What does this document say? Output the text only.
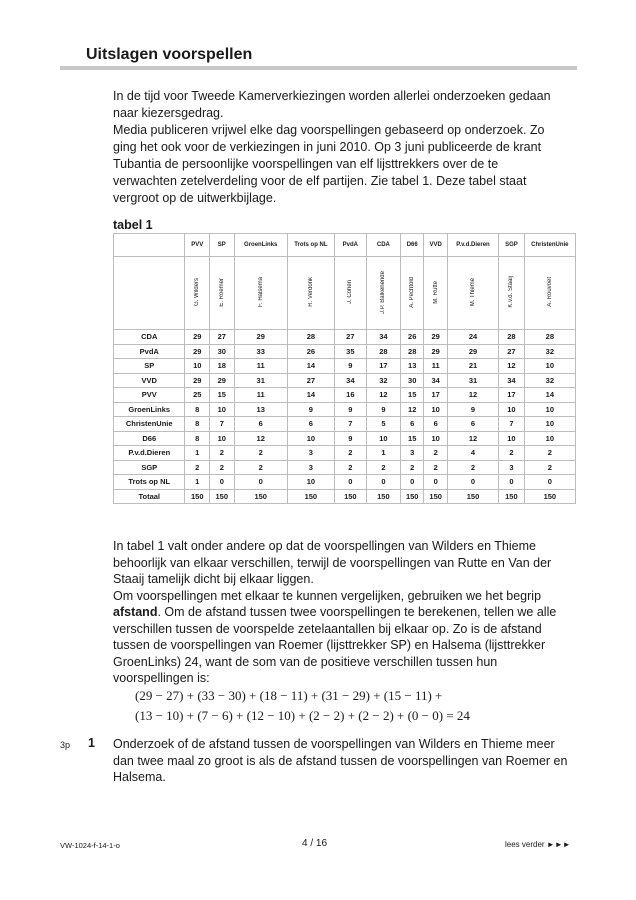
Uitslagen voorspellen

In de tijd voor Tweede Kamerverkiezingen worden allerlei onderzoeken gedaan naar kiezersgedrag.

Media publiceren vrijwel elke dag voorspellingen gebaseerd op onderzoek. Zo ging het ook voor de verkiezingen in juni 2010. Op 3 juni publiceerde de krant Tubantia de persoonlijke voorspellingen van elf lijsttrekkers over de te verwachten zetelverdeling voor de elf partijen. Zie tabel 1. Deze tabel staat vergroot op de uitwerkbijlage.

tabel 1
	PVV	SP	GroenLinks	Trots op NL	PvdA	CDA	D66	VVD	P.v.d.Dieren	SGP	ChristenUnie
	G. Wilders	E. Roemer	F. Halsema	R. Verdonk	J. Cohen	J.P. Balkenende	A. Pechtold	M. Rutte	M. Thieme	K.v.d. Staaij	A. Rouvoet
CDA	29	27	29	28	27	34	26	29	24	28	28
PvdA	29	30	33	26	35	28	28	29	29	27	32
SP	10	18	11	14	9	17	13	11	21	12	10
VVD	29	29	31	27	34	32	30	34	31	34	32
PVV	25	15	11	14	16	12	15	17	12	17	14
GroenLinks	8	10	13	9	9	9	12	10	9	10	10
ChristenUnie	8	7	6	6	7	5	6	6	6	7	10
D66	8	10	12	10	9	10	15	10	12	10	10
P.v.d.Dieren	1	2	2	3	2	1	3	2	4	2	2
SGP	2	2	2	3	2	2	2	2	2	3	2
Trots op NL	1	0	0	10	0	0	0	0	0	0	0
Totaal	150	150	150	150	150	150	150	150	150	150	150

In tabel 1 valt onder andere op dat de voorspellingen van Wilders en Thieme behoorlijk van elkaar verschillen, terwijl de voorspellingen van Rutte en Van der Staaij tamelijk dicht bij elkaar liggen.

Om voorspellingen met elkaar te kunnen vergelijken, gebruiken we het begrip afstand. Om de afstand tussen twee voorspellingen te berekenen, tellen we alle verschillen tussen de voorspelde zetelaantallen bij elkaar op. Zo is de afstand tussen de voorspellingen van Roemer (lijsttrekker SP) en Halsema (lijsttrekker GroenLinks) 24, want de som van de positieve verschillen tussen hun voorspellingen is:

(29 − 27) + (33 − 30) + (18 − 11) + (31 − 29) + (15 − 11) +
(13 − 10) + (7 − 6) + (12 − 10) + (2 − 2) + (2 − 2) + (0 − 0) = 24
3p 1 Onderzoek of de afstand tussen de voorspellingen van Wilders en Thieme meer dan twee maal zo groot is als de afstand tussen de voorspellingen van Roemer en Halsema.
VW-1024-f-14-1-o	4 / 16	lees verder ►►►
